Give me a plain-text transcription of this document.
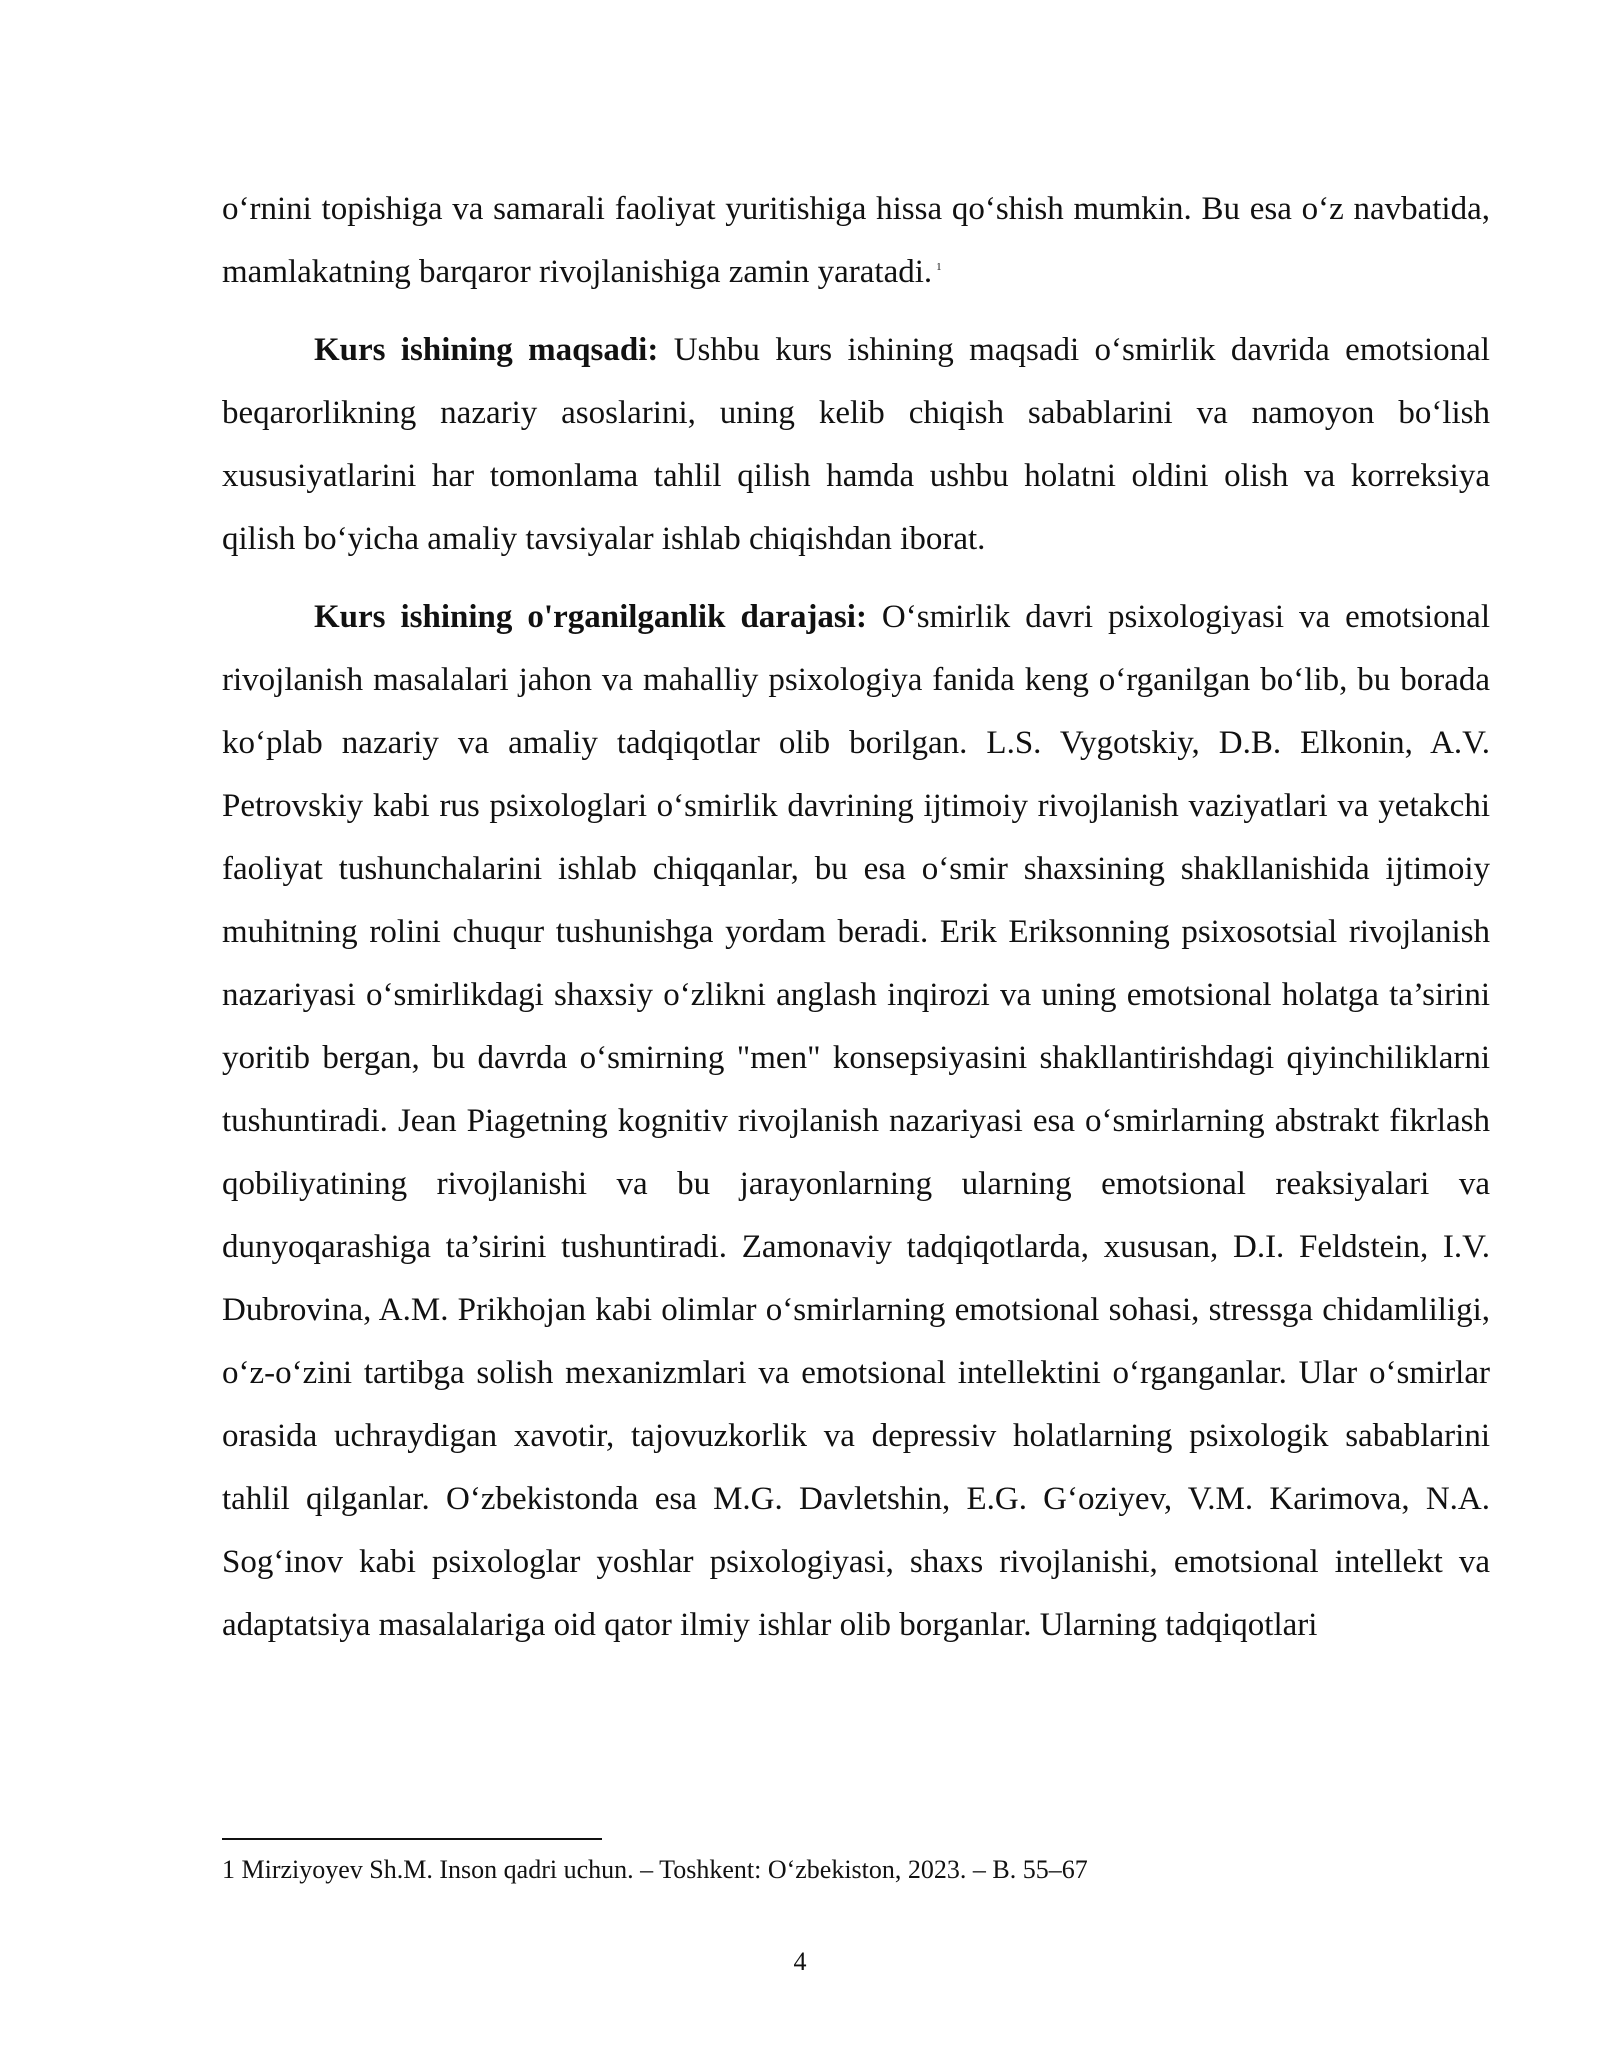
o‘rnini topishiga va samarali faoliyat yuritishiga hissa qo‘shish mumkin. Bu esa o‘z navbatida, mamlakatning barqaror rivojlanishiga zamin yaratadi. $^1$

Kurs ishining maqsadi: Ushbu kurs ishining maqsadi o‘smirlik davrida emotsional beqarorlikning nazariy asoslarini, uning kelib chiqish sabablarini va namoyon bo‘lish xususiyatlarini har tomonlama tahlil qilish hamda ushbu holatni oldini olish va korreksiya qilish bo‘yicha amaliy tavsiyalar ishlab chiqishdan iborat.

Kurs ishining o'rganilganlik darajasi: O‘smirlik davri psixologiyasi va emotsional rivojlanish masalalari jahon va mahalliy psixologiya fanida keng o‘rganilgan bo‘lib, bu borada ko‘plab nazariy va amaliy tadqiqotlar olib borilgan. L.S. Vygotskiy, D.B. Elkonin, A.V. Petrovskiy kabi rus psixologlari o‘smirlik davrining ijtimoiy rivojlanish vaziyatlari va yetakchi faoliyat tushunchalarini ishlab chiqqanlar, bu esa o‘smir shaxsining shakllanishida ijtimoiy muhitning rolini chuqur tushunishga yordam beradi. Erik Eriksonning psixosotsial rivojlanish nazariyasi o‘smirlikdagi shaxsiy o‘zlikni anglash inqirozi va uning emotsional holatga ta’sirini yoritib bergan, bu davrda o‘smirning "men" konsepsiyasini shakllantirishdagi qiyinchiliklarni tushuntiradi. Jean Piagetning kognitiv rivojlanish nazariyasi esa o‘smirlarning abstrakt fikrlash qobiliyatining rivojlanishi va bu jarayonlarning ularning emotsional reaksiyalari va dunyoqarashiga ta’sirini tushuntiradi. Zamonaviy tadqiqotlarda, xususan, D.I. Feldstein, I.V. Dubrovina, A.M. Prikhojan kabi olimlar o‘smirlarning emotsional sohasi, stressga chidamliligi, o‘z-o‘zini tartibga solish mexanizmlari va emotsional intellektini o‘rganganlar. Ular o‘smirlar orasida uchraydigan xavotir, tajovuzkorlik va depressiv holatlarning psixologik sabablarini tahlil qilganlar. O‘zbekistonda esa M.G. Davletshin, E.G. G‘oziyev, V.M. Karimova, N.A. Sog‘inov kabi psixologlar yoshlar psixologiyasi, shaxs rivojlanishi, emotsional intellekt va adaptatsiya masalalariga oid qator ilmiy ishlar olib borganlar. Ularning tadqiqotlari

1 Mirziyoyev Sh.M. Inson qadri uchun. – Toshkent: O‘zbekiston, 2023. – B. 55–67
4
